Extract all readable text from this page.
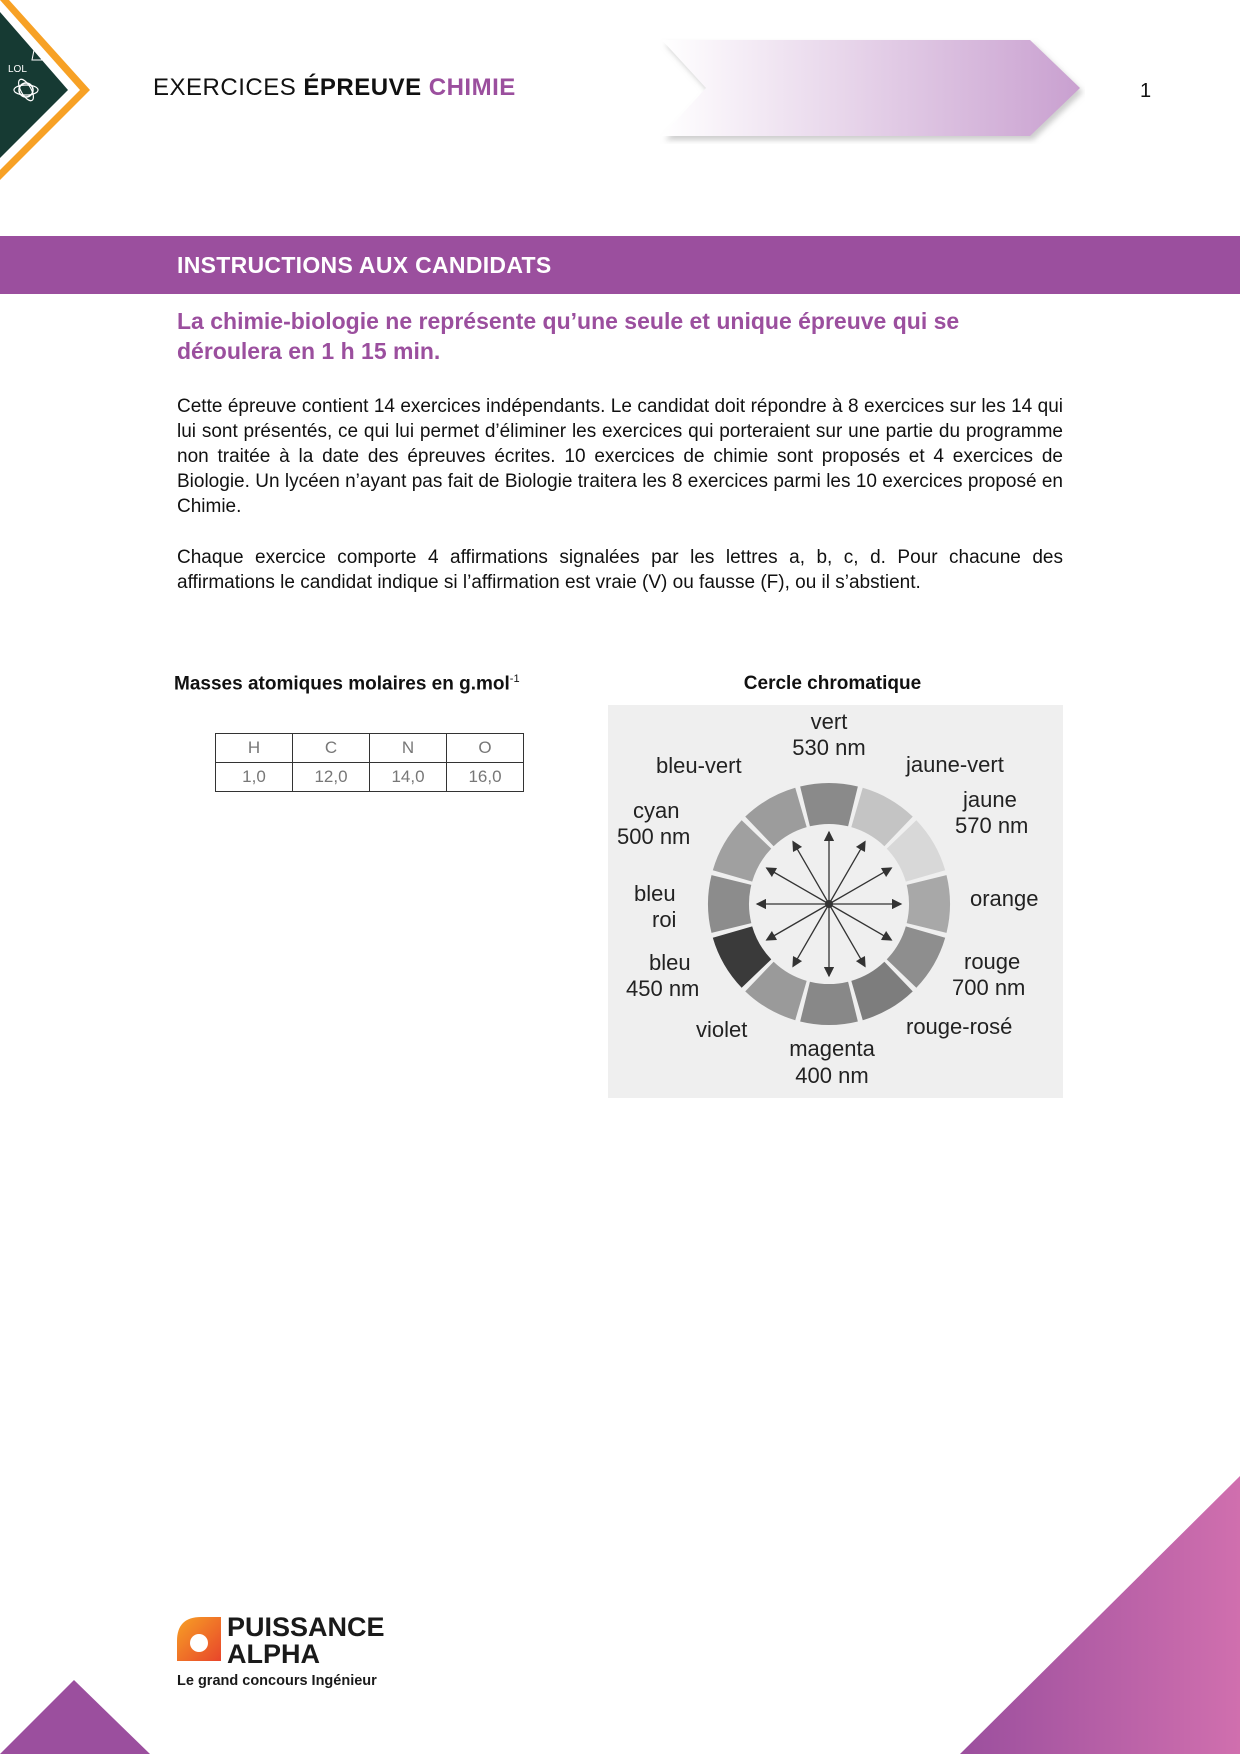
LOL
EXERCICES ÉPREUVE CHIMIE	1
INSTRUCTIONS AUX CANDIDATS
La chimie-biologie ne représente qu’une seule et unique épreuve qui se déroulera en 1 h 15 min.
Cette épreuve contient 14 exercices indépendants. Le candidat doit répondre à 8 exercices sur les 14 qui lui sont présentés, ce qui lui permet d’éliminer les exercices qui porteraient sur une partie du programme non traitée à la date des épreuves écrites. 10 exercices de chimie sont proposés et 4 exercices de Biologie. Un lycéen n’ayant pas fait de Biologie traitera les 8 exercices parmi les 10 exercices proposé en Chimie.
Chaque exercice comporte 4 affirmations signalées par les lettres a, b, c, d. Pour chacune des affirmations le candidat indique si l’affirmation est vraie (V) ou fausse (F), ou il s’abstient.
Masses atomiques molaires en g.mol$^{-1}$
H	C	N	O
1,0	12,0	14,0	16,0
Cercle chromatique
vert
530 nm
jaune-vert
jaune
570 nm
orange
rouge
700 nm
rouge-rosé
magenta
400 nm
violet
bleu
450 nm
bleu
roi
cyan
500 nm
bleu-vert
PUISSANCE
ALPHA
Le grand concours Ingénieur
